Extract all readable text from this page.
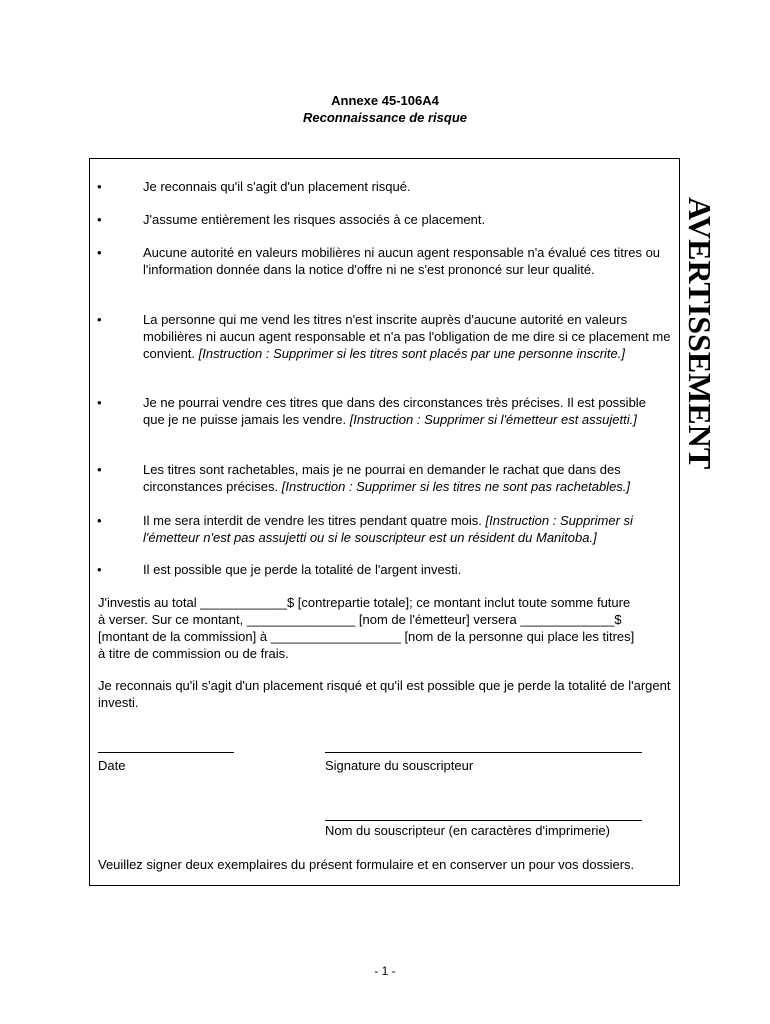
Annexe 45-106A4
Reconnaissance de risque
AVERTISSEMENT
•	Je reconnais qu'il s'agit d'un placement risqué.
•	J'assume entièrement les risques associés à ce placement.
•	Aucune autorité en valeurs mobilières ni aucun agent responsable n'a évalué ces titres ou l'information donnée dans la notice d'offre ni ne s'est prononcé sur leur qualité.
•	La personne qui me vend les titres n'est inscrite auprès d'aucune autorité en valeurs mobilières ni aucun agent responsable et n'a pas l'obligation de me dire si ce placement me convient. [Instruction : Supprimer si les titres sont placés par une personne inscrite.]
•	Je ne pourrai vendre ces titres que dans des circonstances très précises. Il est possible que je ne puisse jamais les vendre. [Instruction : Supprimer si l'émetteur est assujetti.]
•	Les titres sont rachetables, mais je ne pourrai en demander le rachat que dans des circonstances précises. [Instruction : Supprimer si les titres ne sont pas rachetables.]
•	Il me sera interdit de vendre les titres pendant quatre mois. [Instruction : Supprimer si l'émetteur n'est pas assujetti ou si le souscripteur est un résident du Manitoba.]
•	Il est possible que je perde la totalité de l'argent investi.
J'investis au total ____________$ [contrepartie totale]; ce montant inclut toute somme future
à verser. Sur ce montant, _______________ [nom de l'émetteur] versera _____________$
[montant de la commission] à __________________ [nom de la personne qui place les titres]
à titre de commission ou de frais.
Je reconnais qu'il s'agit d'un placement risqué et qu'il est possible que je perde la totalité de l'argent investi.
Date	Signature du souscripteur
Nom du souscripteur (en caractères d'imprimerie)
Veuillez signer deux exemplaires du présent formulaire et en conserver un pour vos dossiers.
- 1 -
